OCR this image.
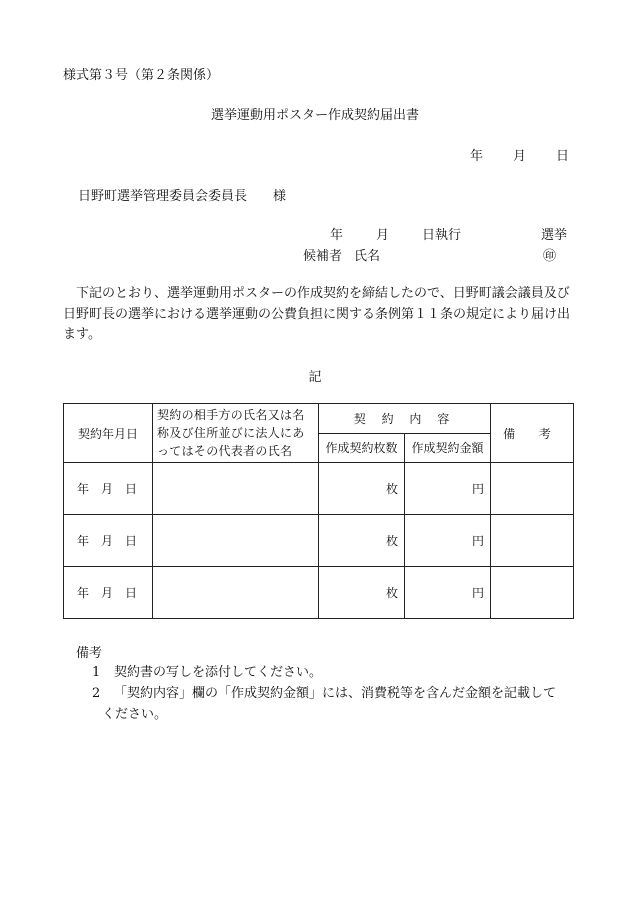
様式第３号（第２条関係）
選挙運動用ポスター作成契約届出書
年 月 日
日野町選挙管理委員会委員長 様
年	月	日執行	選挙
候補者 氏名	㊞
下記のとおり、選挙運動用ポスターの作成契約を締結したので、日野町議会議員及び日野町長の選挙における選挙運動の公費負担に関する条例第１１条の規定により届け出ます。
記
契約年月日	契約の相手方の氏名又は名称及び住所並びに法人にあってはその代表者の氏名	契 約 内 容		備 考
		作成契約枚数	作成契約金額	
年 月 日		枚	円	
年 月 日		枚	円	
年 月 日		枚	円	
備考
1 契約書の写しを添付してください。
2 「契約内容」欄の「作成契約金額」には、消費税等を含んだ金額を記載して
ください。
